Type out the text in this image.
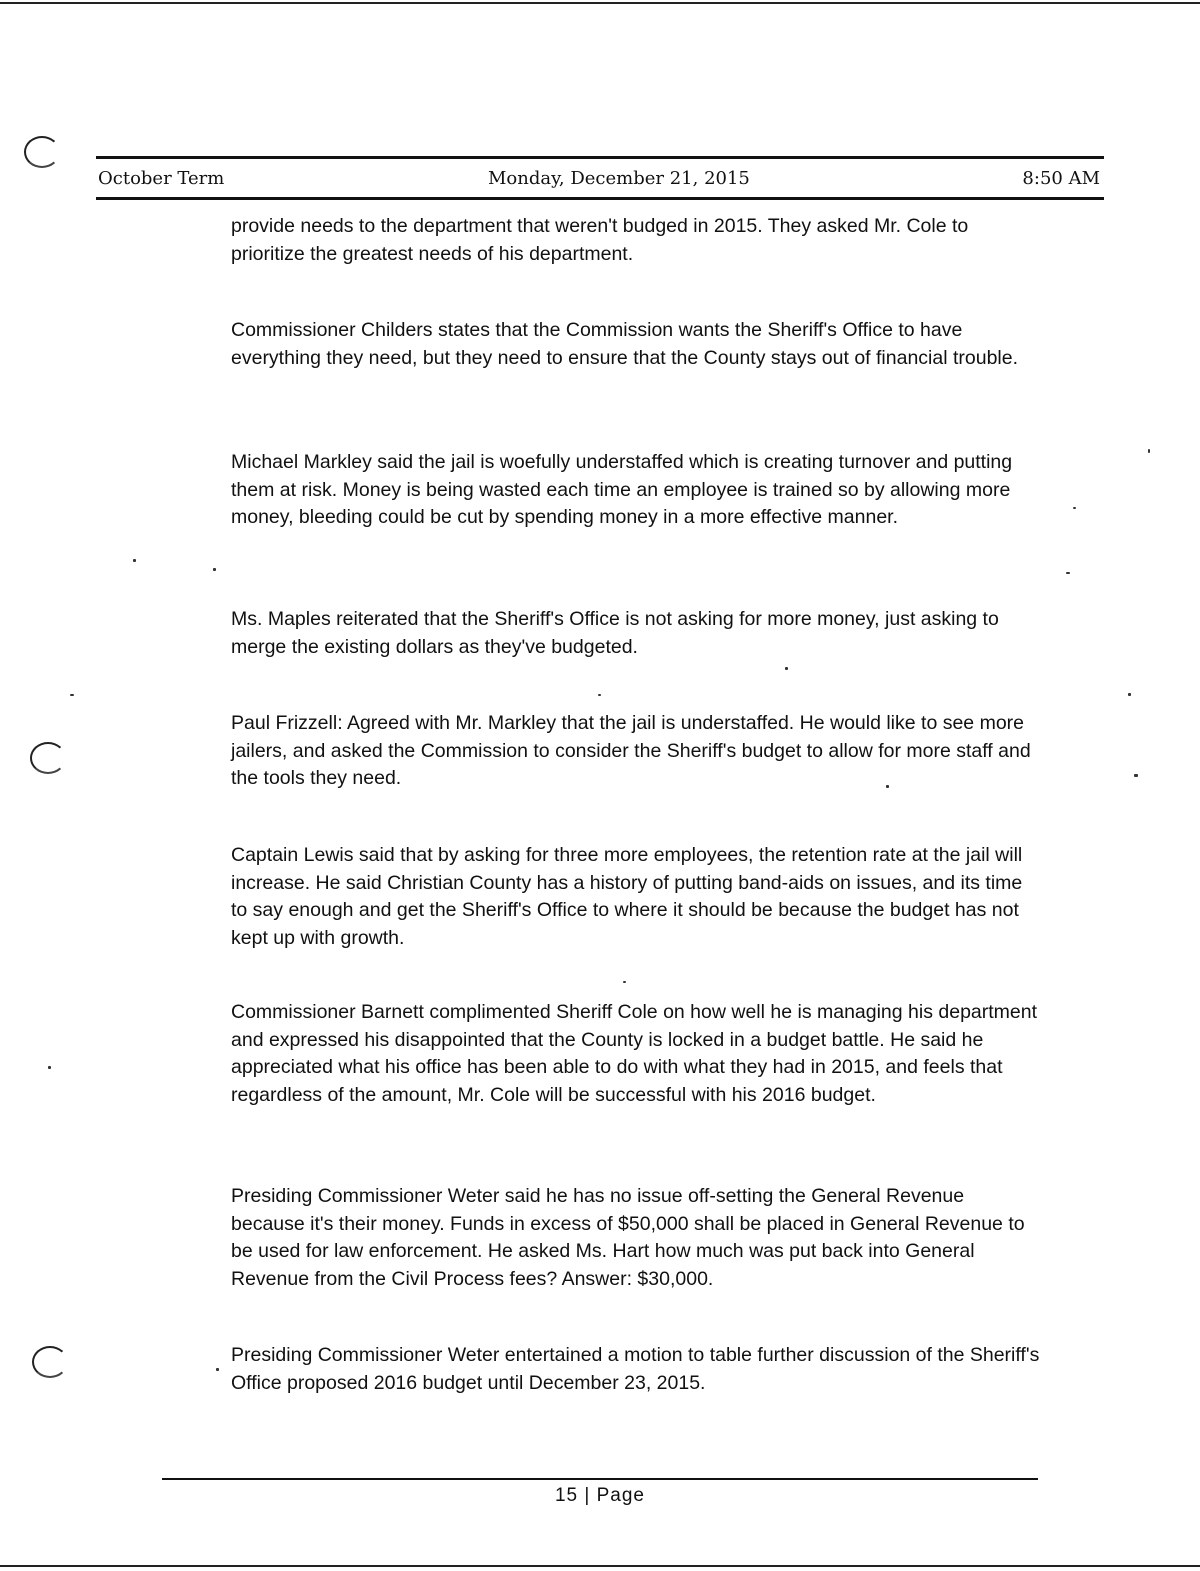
October Term	Monday, December 21, 2015	8:50 AM

provide needs to the department that weren't budged in 2015. They asked Mr. Cole to prioritize the greatest needs of his department.

Commissioner Childers states that the Commission wants the Sheriff's Office to have everything they need, but they need to ensure that the County stays out of financial trouble.

Michael Markley said the jail is woefully understaffed which is creating turnover and putting them at risk. Money is being wasted each time an employee is trained so by allowing more money, bleeding could be cut by spending money in a more effective manner.

Ms. Maples reiterated that the Sheriff's Office is not asking for more money, just asking to merge the existing dollars as they've budgeted.

Paul Frizzell: Agreed with Mr. Markley that the jail is understaffed. He would like to see more jailers, and asked the Commission to consider the Sheriff's budget to allow for more staff and the tools they need.

Captain Lewis said that by asking for three more employees, the retention rate at the jail will increase. He said Christian County has a history of putting band-aids on issues, and its time to say enough and get the Sheriff's Office to where it should be because the budget has not kept up with growth.

Commissioner Barnett complimented Sheriff Cole on how well he is managing his department and expressed his disappointed that the County is locked in a budget battle. He said he appreciated what his office has been able to do with what they had in 2015, and feels that regardless of the amount, Mr. Cole will be successful with his 2016 budget.

Presiding Commissioner Weter said he has no issue off-setting the General Revenue because it's their money. Funds in excess of $50,000 shall be placed in General Revenue to be used for law enforcement. He asked Ms. Hart how much was put back into General Revenue from the Civil Process fees? Answer: $30,000.

Presiding Commissioner Weter entertained a motion to table further discussion of the Sheriff's Office proposed 2016 budget until December 23, 2015.

15 | Page
